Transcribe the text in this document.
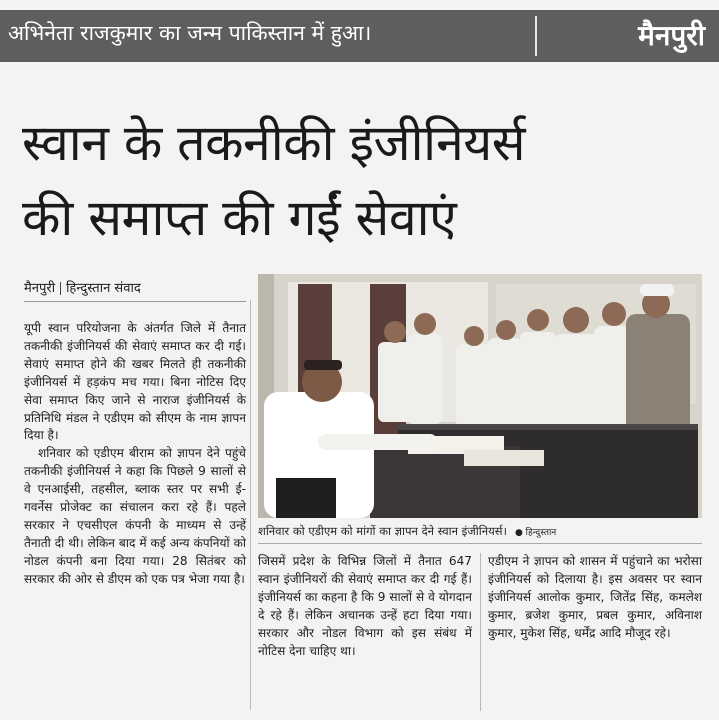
अभिनेता राजकुमार का जन्म पाकिस्तान में हुआ।	मैनपुरी
स्वान के तकनीकी इंजीनियर्स
की समाप्त की गईं सेवाएं
मैनपुरी हिन्दुस्तान संवाद

यूपी स्वान परियोजना के अंतर्गत जिले में तैनात तकनीकी इंजीनियर्स की सेवाएं समाप्त कर दी गई। सेवाएं समाप्त होने की खबर मिलते ही तकनीकी इंजीनियर्स में हड़कंप मच गया। बिना नोटिस दिए सेवा समाप्त किए जाने से नाराज इंजीनियर्स के प्रतिनिधि मंडल ने एडीएम को सीएम के नाम ज्ञापन दिया है।

शनिवार को एडीएम बीराम को ज्ञापन देने पहुंचे तकनीकी इंजीनियर्स ने कहा कि पिछले 9 सालों से वे एनआईसी, तहसील, ब्लाक स्तर पर सभी ई-गवर्नेस प्रोजेक्ट का संचालन करा रहे हैं। पहले सरकार ने एचसीएल कंपनी के माध्यम से उन्हें तैनाती दी थी। लेकिन बाद में कई अन्य कंपनियों को नोडल कंपनी बना दिया गया। 28 सितंबर को सरकार की ओर से डीएम को एक पत्र भेजा गया है।

शनिवार को एडीएम को मांगों का ज्ञापन देने स्वान इंजीनियर्स। ● हिन्दुस्तान

जिसमें प्रदेश के विभिन्न जिलों में तैनात 647 स्वान इंजीनियरों की सेवाएं समाप्त कर दी गई हैं। इंजीनियर्स का कहना है कि 9 सालों से वे योगदान दे रहे हैं। लेकिन अचानक उन्हें हटा दिया गया। सरकार और नोडल विभाग को इस संबंध में नोटिस देना चाहिए था।

एडीएम ने ज्ञापन को शासन में पहुंचाने का भरोसा इंजीनियर्स को दिलाया है। इस अवसर पर स्वान इंजीनियर्स आलोक कुमार, जितेंद्र सिंह, कमलेश कुमार, ब्रजेश कुमार, प्रबल कुमार, अविनाश कुमार, मुकेश सिंह, धर्मेंद्र आदि मौजूद रहे।
